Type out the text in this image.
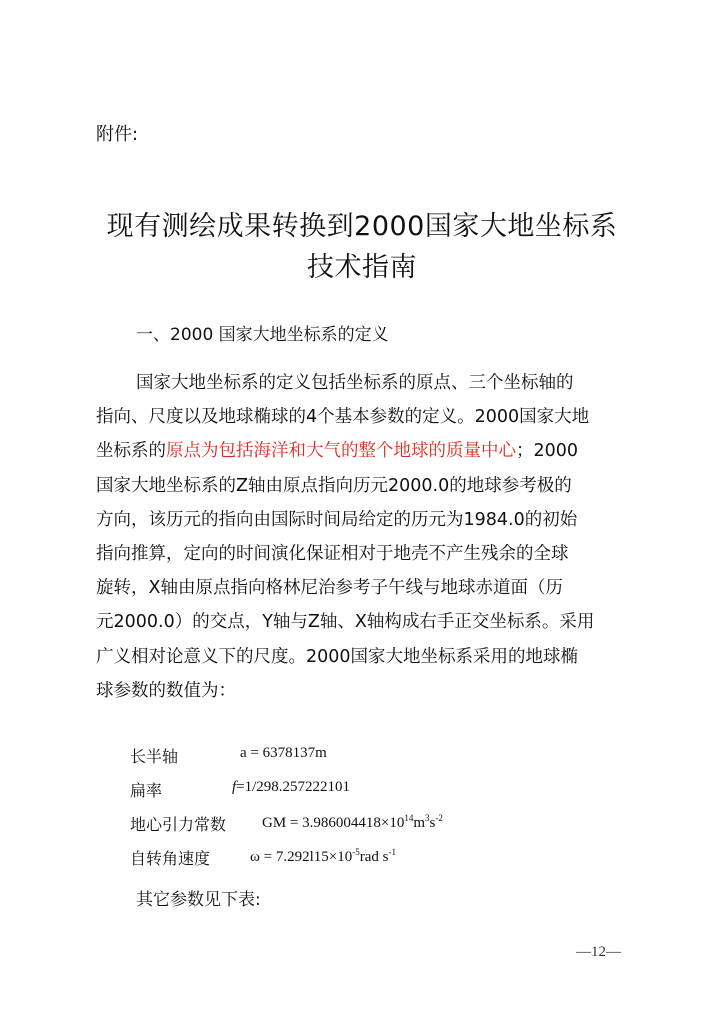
附件:
现有测绘成果转换到2000国家大地坐标系
技术指南
一、2000 国家大地坐标系的定义

国家大地坐标系的定义包括坐标系的原点、三个坐标轴的

指向、尺度以及地球椭球的4个基本参数的定义。2000国家大地

坐标系的原点为包括海洋和大气的整个地球的质量中心；2000

国家大地坐标系的Z轴由原点指向历元2000.0的地球参考极的

方向，该历元的指向由国际时间局给定的历元为1984.0的初始

指向推算，定向的时间演化保证相对于地壳不产生残余的全球

旋转，X轴由原点指向格林尼治参考子午线与地球赤道面（历

元2000.0）的交点，Y轴与Z轴、X轴构成右手正交坐标系。采用

广义相对论意义下的尺度。2000国家大地坐标系采用的地球椭

球参数的数值为：

长半轴	a = 6378137m
扁率	f=1/298.257222101
地心引力常数 GM = $3.986004418\times 10^{14}m^3s^{-2}$
自转角速度	$\omega = 7.292l15\times 10^{-5}rad$ $s^{-1}$
其它参数见下表:
—12—
